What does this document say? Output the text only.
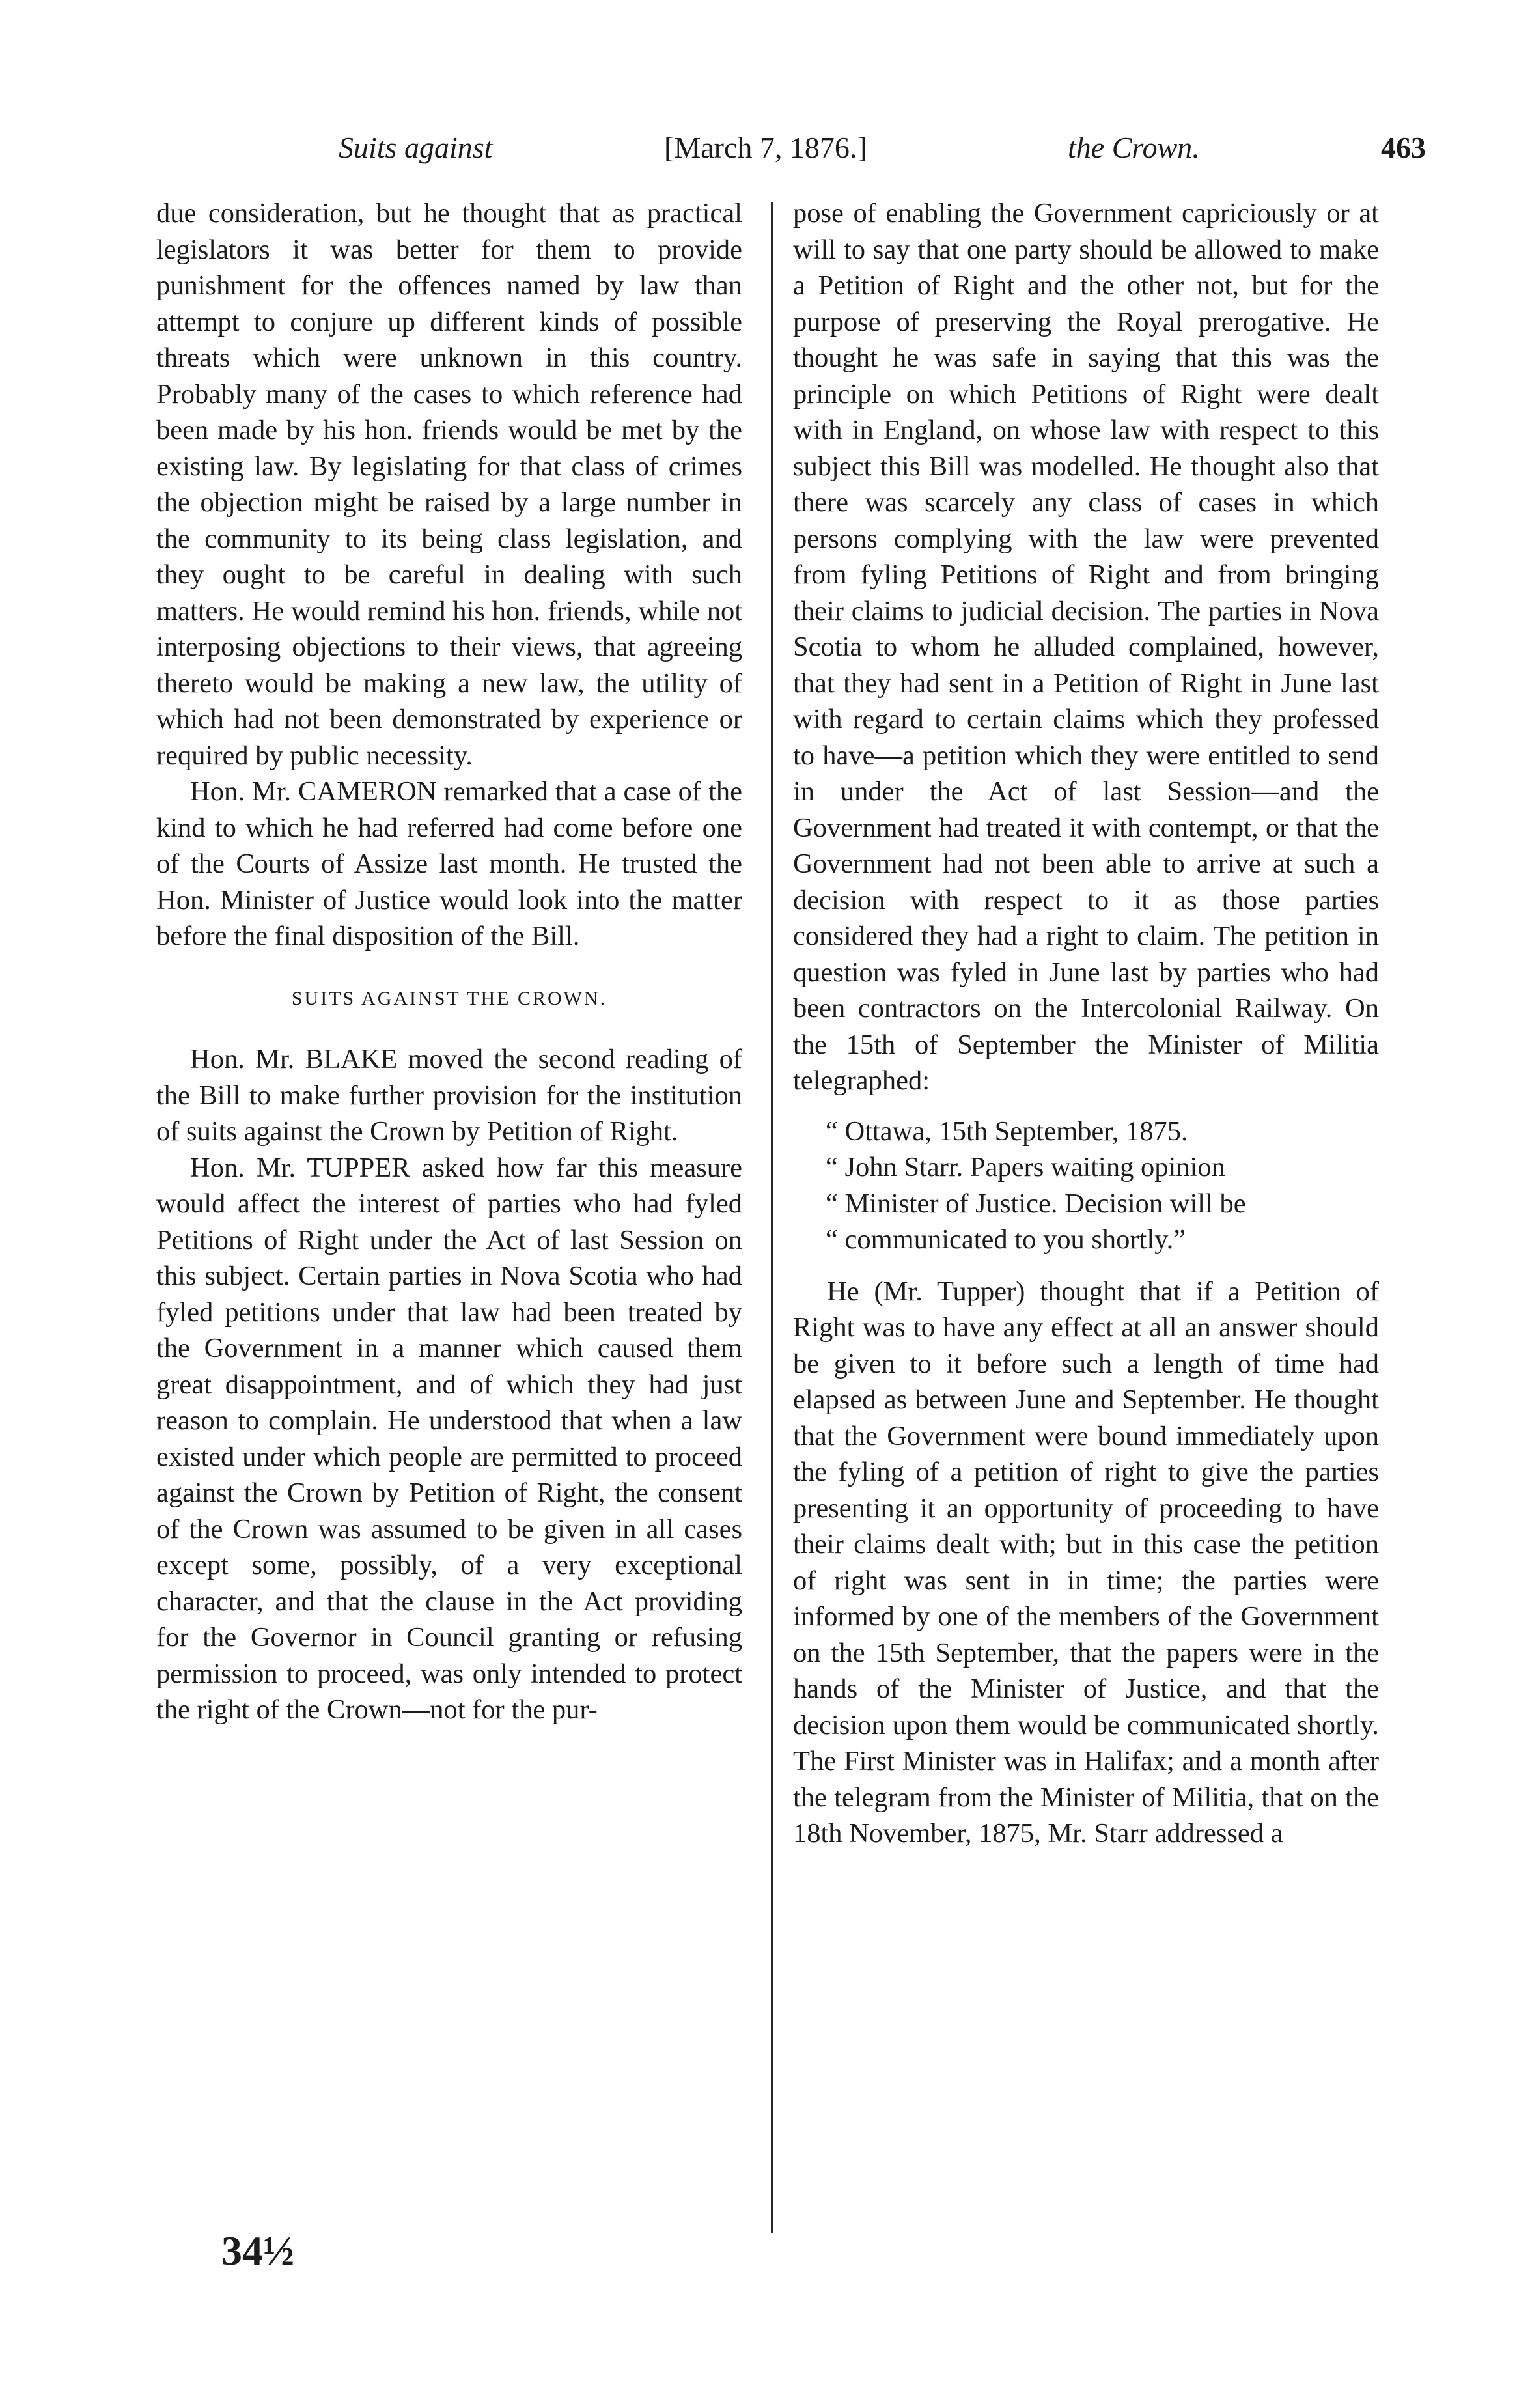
Suits against	[March 7, 1876.]	the Crown.	463

due consideration, but he thought that as practical legislators it was better for them to provide punishment for the offences named by law than attempt to conjure up different kinds of possible threats which were unknown in this country. Probably many of the cases to which reference had been made by his hon. friends would be met by the existing law. By legislating for that class of crimes the objection might be raised by a large number in the community to its being class legislation, and they ought to be careful in dealing with such matters. He would remind his hon. friends, while not interposing objections to their views, that agreeing thereto would be making a new law, the utility of which had not been demonstrated by experience or required by public necessity.

Hon. Mr. CAMERON remarked that a case of the kind to which he had referred had come before one of the Courts of Assize last month. He trusted the Hon. Minister of Justice would look into the matter before the final disposition of the Bill.

SUITS AGAINST THE CROWN.

Hon. Mr. BLAKE moved the second reading of the Bill to make further provision for the institution of suits against the Crown by Petition of Right.

Hon. Mr. TUPPER asked how far this measure would affect the interest of parties who had fyled Petitions of Right under the Act of last Session on this subject. Certain parties in Nova Scotia who had fyled petitions under that law had been treated by the Government in a manner which caused them great disappointment, and of which they had just reason to complain. He understood that when a law existed under which people are permitted to proceed against the Crown by Petition of Right, the consent of the Crown was assumed to be given in all cases except some, possibly, of a very exceptional character, and that the clause in the Act providing for the Governor in Council granting or refusing permission to proceed, was only intended to protect the right of the Crown—not for the pur-

pose of enabling the Government capriciously or at will to say that one party should be allowed to make a Petition of Right and the other not, but for the purpose of preserving the Royal prerogative. He thought he was safe in saying that this was the principle on which Petitions of Right were dealt with in England, on whose law with respect to this subject this Bill was modelled. He thought also that there was scarcely any class of cases in which persons complying with the law were prevented from fyling Petitions of Right and from bringing their claims to judicial decision. The parties in Nova Scotia to whom he alluded complained, however, that they had sent in a Petition of Right in June last with regard to certain claims which they professed to have—a petition which they were entitled to send in under the Act of last Session—and the Government had treated it with contempt, or that the Government had not been able to arrive at such a decision with respect to it as those parties considered they had a right to claim. The petition in question was fyled in June last by parties who had been contractors on the Intercolonial Railway. On the 15th of September the Minister of Militia telegraphed:

“ Ottawa, 15th September, 1875.
“ John Starr. Papers waiting opinion
“ Minister of Justice. Decision will be
“ communicated to you shortly.”

He (Mr. Tupper) thought that if a Petition of Right was to have any effect at all an answer should be given to it before such a length of time had elapsed as between June and September. He thought that the Government were bound immediately upon the fyling of a petition of right to give the parties presenting it an opportunity of proceeding to have their claims dealt with; but in this case the petition of right was sent in in time; the parties were informed by one of the members of the Government on the 15th September, that the papers were in the hands of the Minister of Justice, and that the decision upon them would be communicated shortly. The First Minister was in Halifax; and a month after the telegram from the Minister of Militia, that on the 18th November, 1875, Mr. Starr addressed a

34½
